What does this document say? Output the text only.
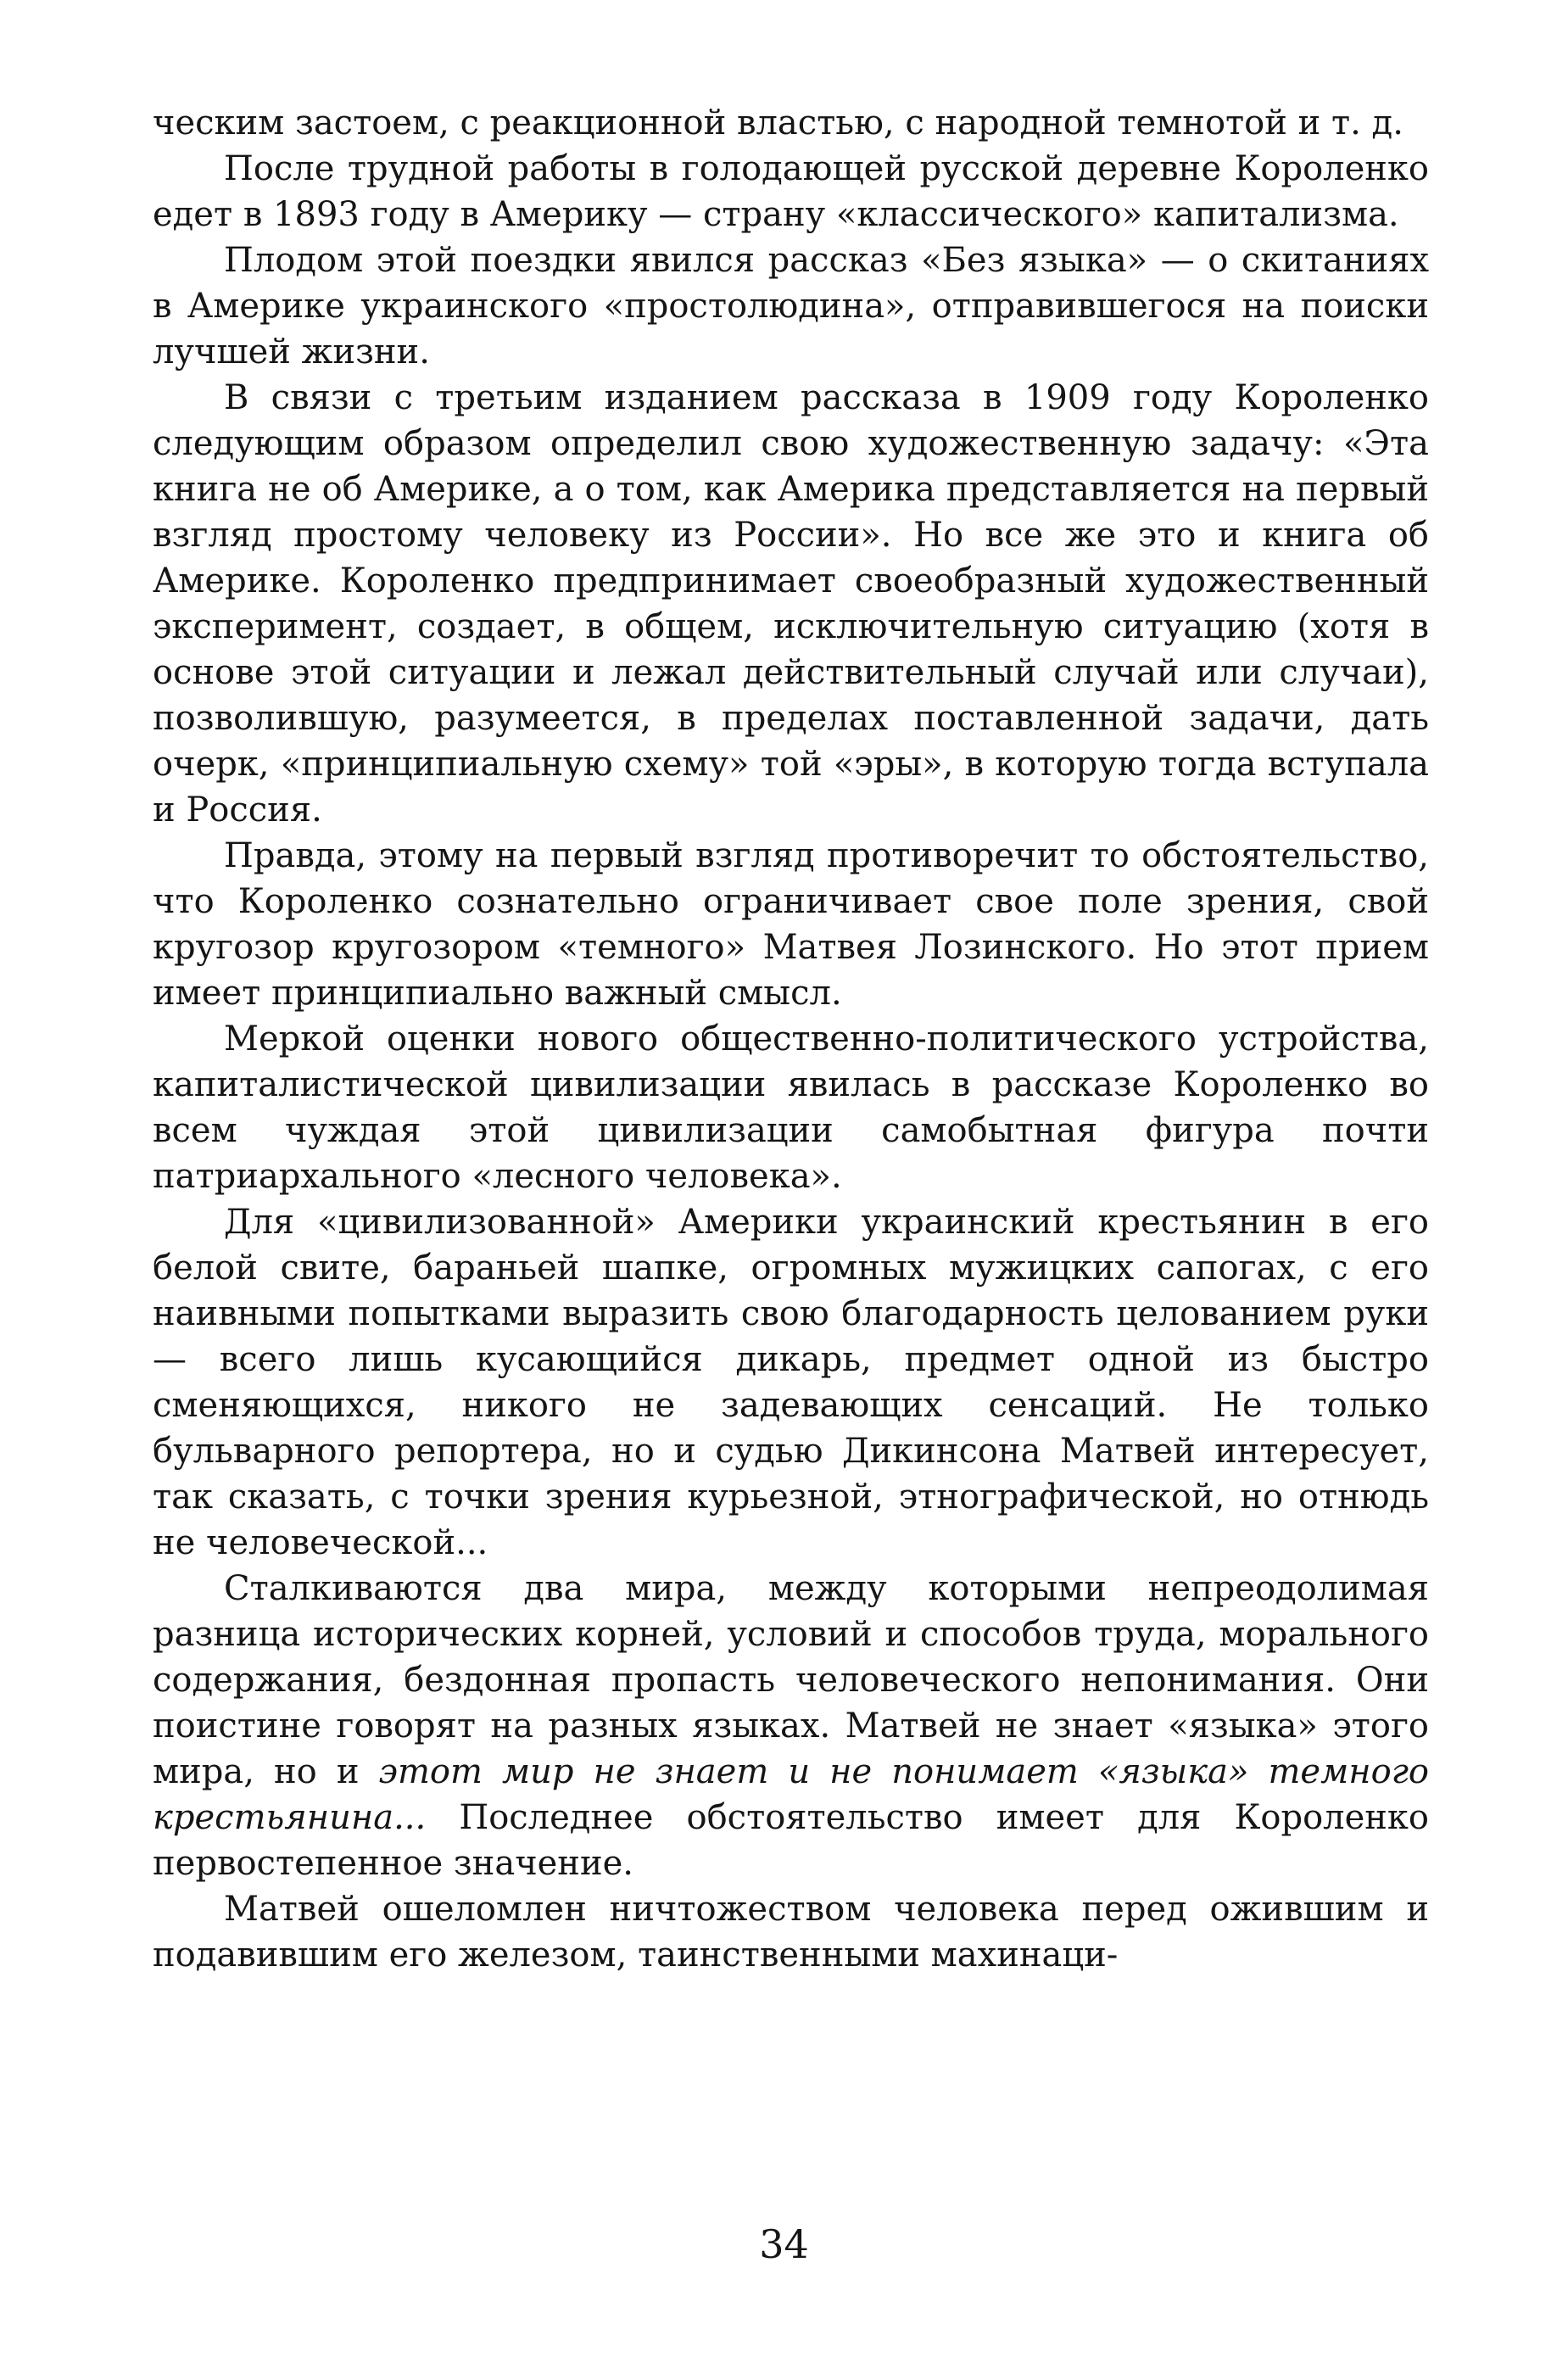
ческим застоем, с реакционной властью, с народной темнотой и т. д.

После трудной работы в голодающей русской деревне Короленко едет в 1893 году в Америку — страну «классического» капитализма.

Плодом этой поездки явился рассказ «Без языка» — о скитаниях в Америке украинского «простолюдина», отправившегося на поиски лучшей жизни.

В связи с третьим изданием рассказа в 1909 году Короленко следующим образом определил свою художественную задачу: «Эта книга не об Америке, а о том, как Америка представляется на первый взгляд простому человеку из России». Но все же это и книга об Америке. Короленко предпринимает своеобразный художественный эксперимент, создает, в общем, исключительную ситуацию (хотя в основе этой ситуации и лежал действительный случай или случаи), позволившую, разумеется, в пределах поставленной задачи, дать очерк, «принципиальную схему» той «эры», в которую тогда вступала и Россия.

Правда, этому на первый взгляд противоречит то обстоятельство, что Короленко сознательно ограничивает свое поле зрения, свой кругозор кругозором «темного» Матвея Лозинского. Но этот прием имеет принципиально важный смысл.

Меркой оценки нового общественно-политического устройства, капиталистической цивилизации явилась в рассказе Короленко во всем чуждая этой цивилизации самобытная фигура почти патриархального «лесного человека».

Для «цивилизованной» Америки украинский крестьянин в его белой свите, бараньей шапке, огромных мужицких сапогах, с его наивными попытками выразить свою благодарность целованием руки — всего лишь кусающийся дикарь, предмет одной из быстро сменяющихся, никого не задевающих сенсаций. Не только бульварного репортера, но и судью Дикинсона Матвей интересует, так сказать, с точки зрения курьезной, этнографической, но отнюдь не человеческой...

Сталкиваются два мира, между которыми непреодолимая разница исторических корней, условий и способов труда, морального содержания, бездонная пропасть человеческого непонимания. Они поистине говорят на разных языках. Матвей не знает «языка» этого мира, но и этот мир не знает и не понимает «языка» темного крестьянина... Последнее обстоятельство имеет для Короленко первостепенное значение.

Матвей ошеломлен ничтожеством человека перед ожившим и подавившим его железом, таинственными махинаци-

34
